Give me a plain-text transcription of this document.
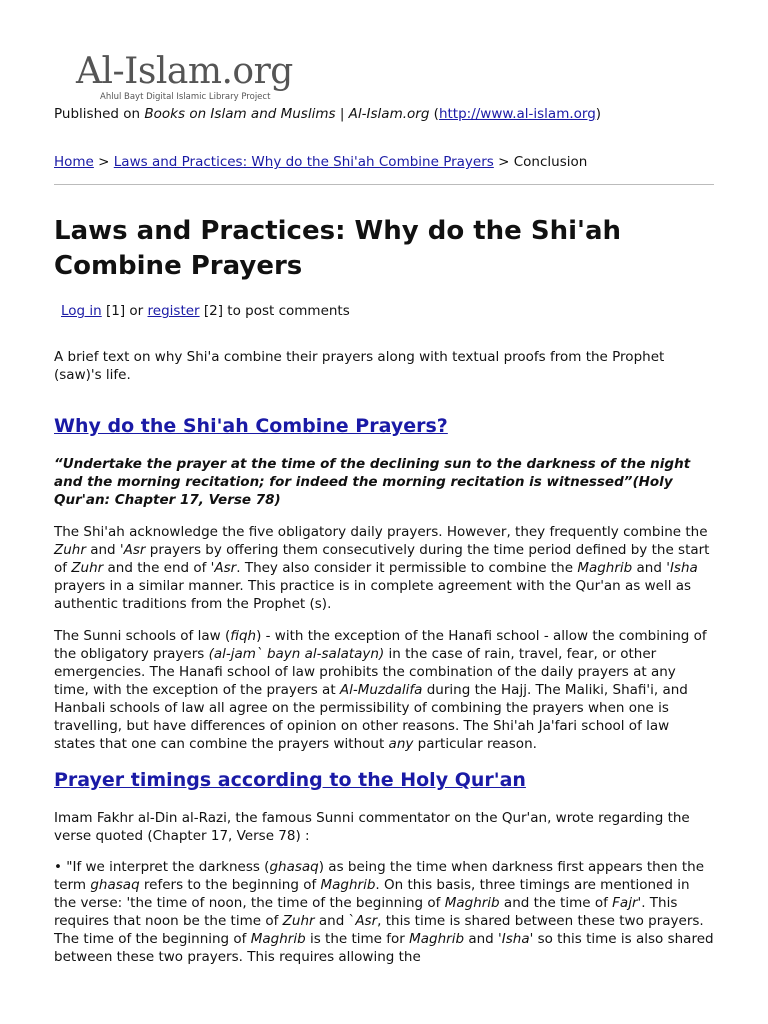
Al-Islam.org
Ahlul Bayt Digital Islamic Library Project
Published on Books on Islam and Muslims | Al-Islam.org (http://www.al-islam.org)
Home > Laws and Practices: Why do the Shi'ah Combine Prayers > Conclusion
Laws and Practices: Why do the Shi'ah Combine Prayers
Log in [1] or register [2] to post comments

A brief text on why Shi'a combine their prayers along with textual proofs from the Prophet (saw)'s life.

Why do the Shi'ah Combine Prayers?

“Undertake the prayer at the time of the declining sun to the darkness of the night and the morning recitation; for indeed the morning recitation is witnessed”(Holy Qur'an: Chapter 17, Verse 78)

The Shi'ah acknowledge the five obligatory daily prayers. However, they frequently combine the Zuhr and 'Asr prayers by offering them consecutively during the time period defined by the start of Zuhr and the end of 'Asr. They also consider it permissible to combine the Maghrib and 'Isha prayers in a similar manner. This practice is in complete agreement with the Qur'an as well as authentic traditions from the Prophet (s).

The Sunni schools of law (fiqh) - with the exception of the Hanafi school - allow the combining of the obligatory prayers (al-jam` bayn al-salatayn) in the case of rain, travel, fear, or other emergencies. The Hanafi school of law prohibits the combination of the daily prayers at any time, with the exception of the prayers at Al-Muzdalifa during the Hajj. The Maliki, Shafi'i, and Hanbali schools of law all agree on the permissibility of combining the prayers when one is travelling, but have differences of opinion on other reasons. The Shi'ah Ja'fari school of law states that one can combine the prayers without any particular reason.

Prayer timings according to the Holy Qur'an

Imam Fakhr al-Din al-Razi, the famous Sunni commentator on the Qur'an, wrote regarding the verse quoted (Chapter 17, Verse 78) :

• "If we interpret the darkness (ghasaq) as being the time when darkness first appears then the term ghasaq refers to the beginning of Maghrib. On this basis, three timings are mentioned in the verse: 'the time of noon, the time of the beginning of Maghrib and the time of Fajr'. This requires that noon be the time of Zuhr and `Asr, this time is shared between these two prayers. The time of the beginning of Maghrib is the time for Maghrib and 'Isha' so this time is also shared between these two prayers. This requires allowing the
